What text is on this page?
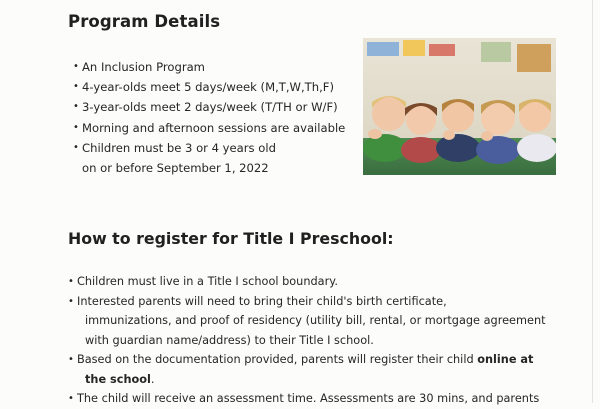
Program Details
• An Inclusion Program
• 4-year-olds meet 5 days/week (M,T,W,Th,F)
• 3-year-olds meet 2 days/week (T/TH or W/F)
• Morning and afternoon sessions are available
• Children must be 3 or 4 years old
on or before September 1, 2022
How to register for Title I Preschool:
• Children must live in a Title I school boundary.
• Interested parents will need to bring their child's birth certificate,
immunizations, and proof of residency (utility bill, rental, or mortgage agreement
with guardian name/address) to their Title I school.
• Based on the documentation provided, parents will register their child online at
the school.
• The child will receive an assessment time. Assessments are 30 mins, and parents
